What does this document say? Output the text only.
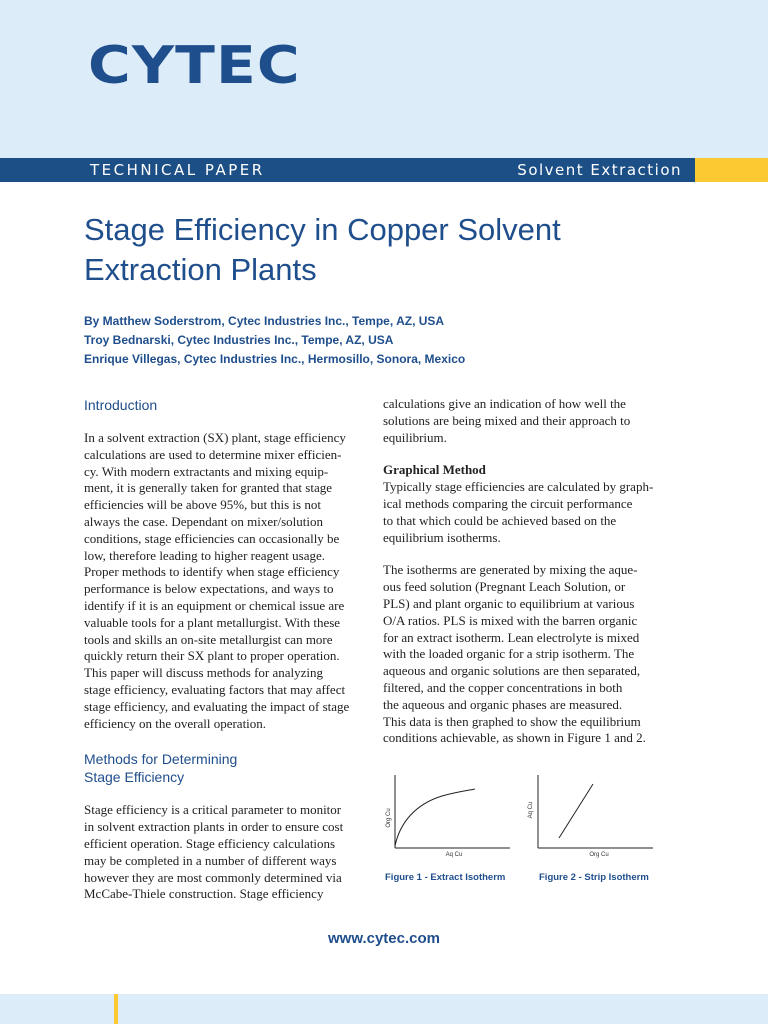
CYTEC
TECHNICAL PAPER	Solvent Extraction
Stage Efficiency in Copper Solvent
Extraction Plants
By Matthew Soderstrom, Cytec Industries Inc., Tempe, AZ, USA
Troy Bednarski, Cytec Industries Inc., Tempe, AZ, USA
Enrique Villegas, Cytec Industries Inc., Hermosillo, Sonora, Mexico
Introduction
In a solvent extraction (SX) plant, stage efficiency
calculations are used to determine mixer efficien-
cy. With modern extractants and mixing equip-
ment, it is generally taken for granted that stage
efficiencies will be above 95%, but this is not
always the case. Dependant on mixer/solution
conditions, stage efficiencies can occasionally be
low, therefore leading to higher reagent usage.
Proper methods to identify when stage efficiency
performance is below expectations, and ways to
identify if it is an equipment or chemical issue are
valuable tools for a plant metallurgist. With these
tools and skills an on-site metallurgist can more
quickly return their SX plant to proper operation.
This paper will discuss methods for analyzing
stage efficiency, evaluating factors that may affect
stage efficiency, and evaluating the impact of stage
efficiency on the overall operation.
Methods for Determining
Stage Efficiency
Stage efficiency is a critical parameter to monitor
in solvent extraction plants in order to ensure cost
efficient operation. Stage efficiency calculations
may be completed in a number of different ways
however they are most commonly determined via
McCabe-Thiele construction. Stage efficiency
calculations give an indication of how well the
solutions are being mixed and their approach to
equilibrium.
Graphical Method
Typically stage efficiencies are calculated by graph-
ical methods comparing the circuit performance
to that which could be achieved based on the
equilibrium isotherms.
The isotherms are generated by mixing the aque-
ous feed solution (Pregnant Leach Solution, or
PLS) and plant organic to equilibrium at various
O/A ratios. PLS is mixed with the barren organic
for an extract isotherm. Lean electrolyte is mixed
with the loaded organic for a strip isotherm. The
aqueous and organic solutions are then separated,
filtered, and the copper concentrations in both
the aqueous and organic phases are measured.
This data is then graphed to show the equilibrium
conditions achievable, as shown in Figure 1 and 2.
Org Cu
Aq Cu
Figure 1 - Extract Isotherm
Aq Cu
Org Cu
Figure 2 - Strip Isotherm
www.cytec.com
